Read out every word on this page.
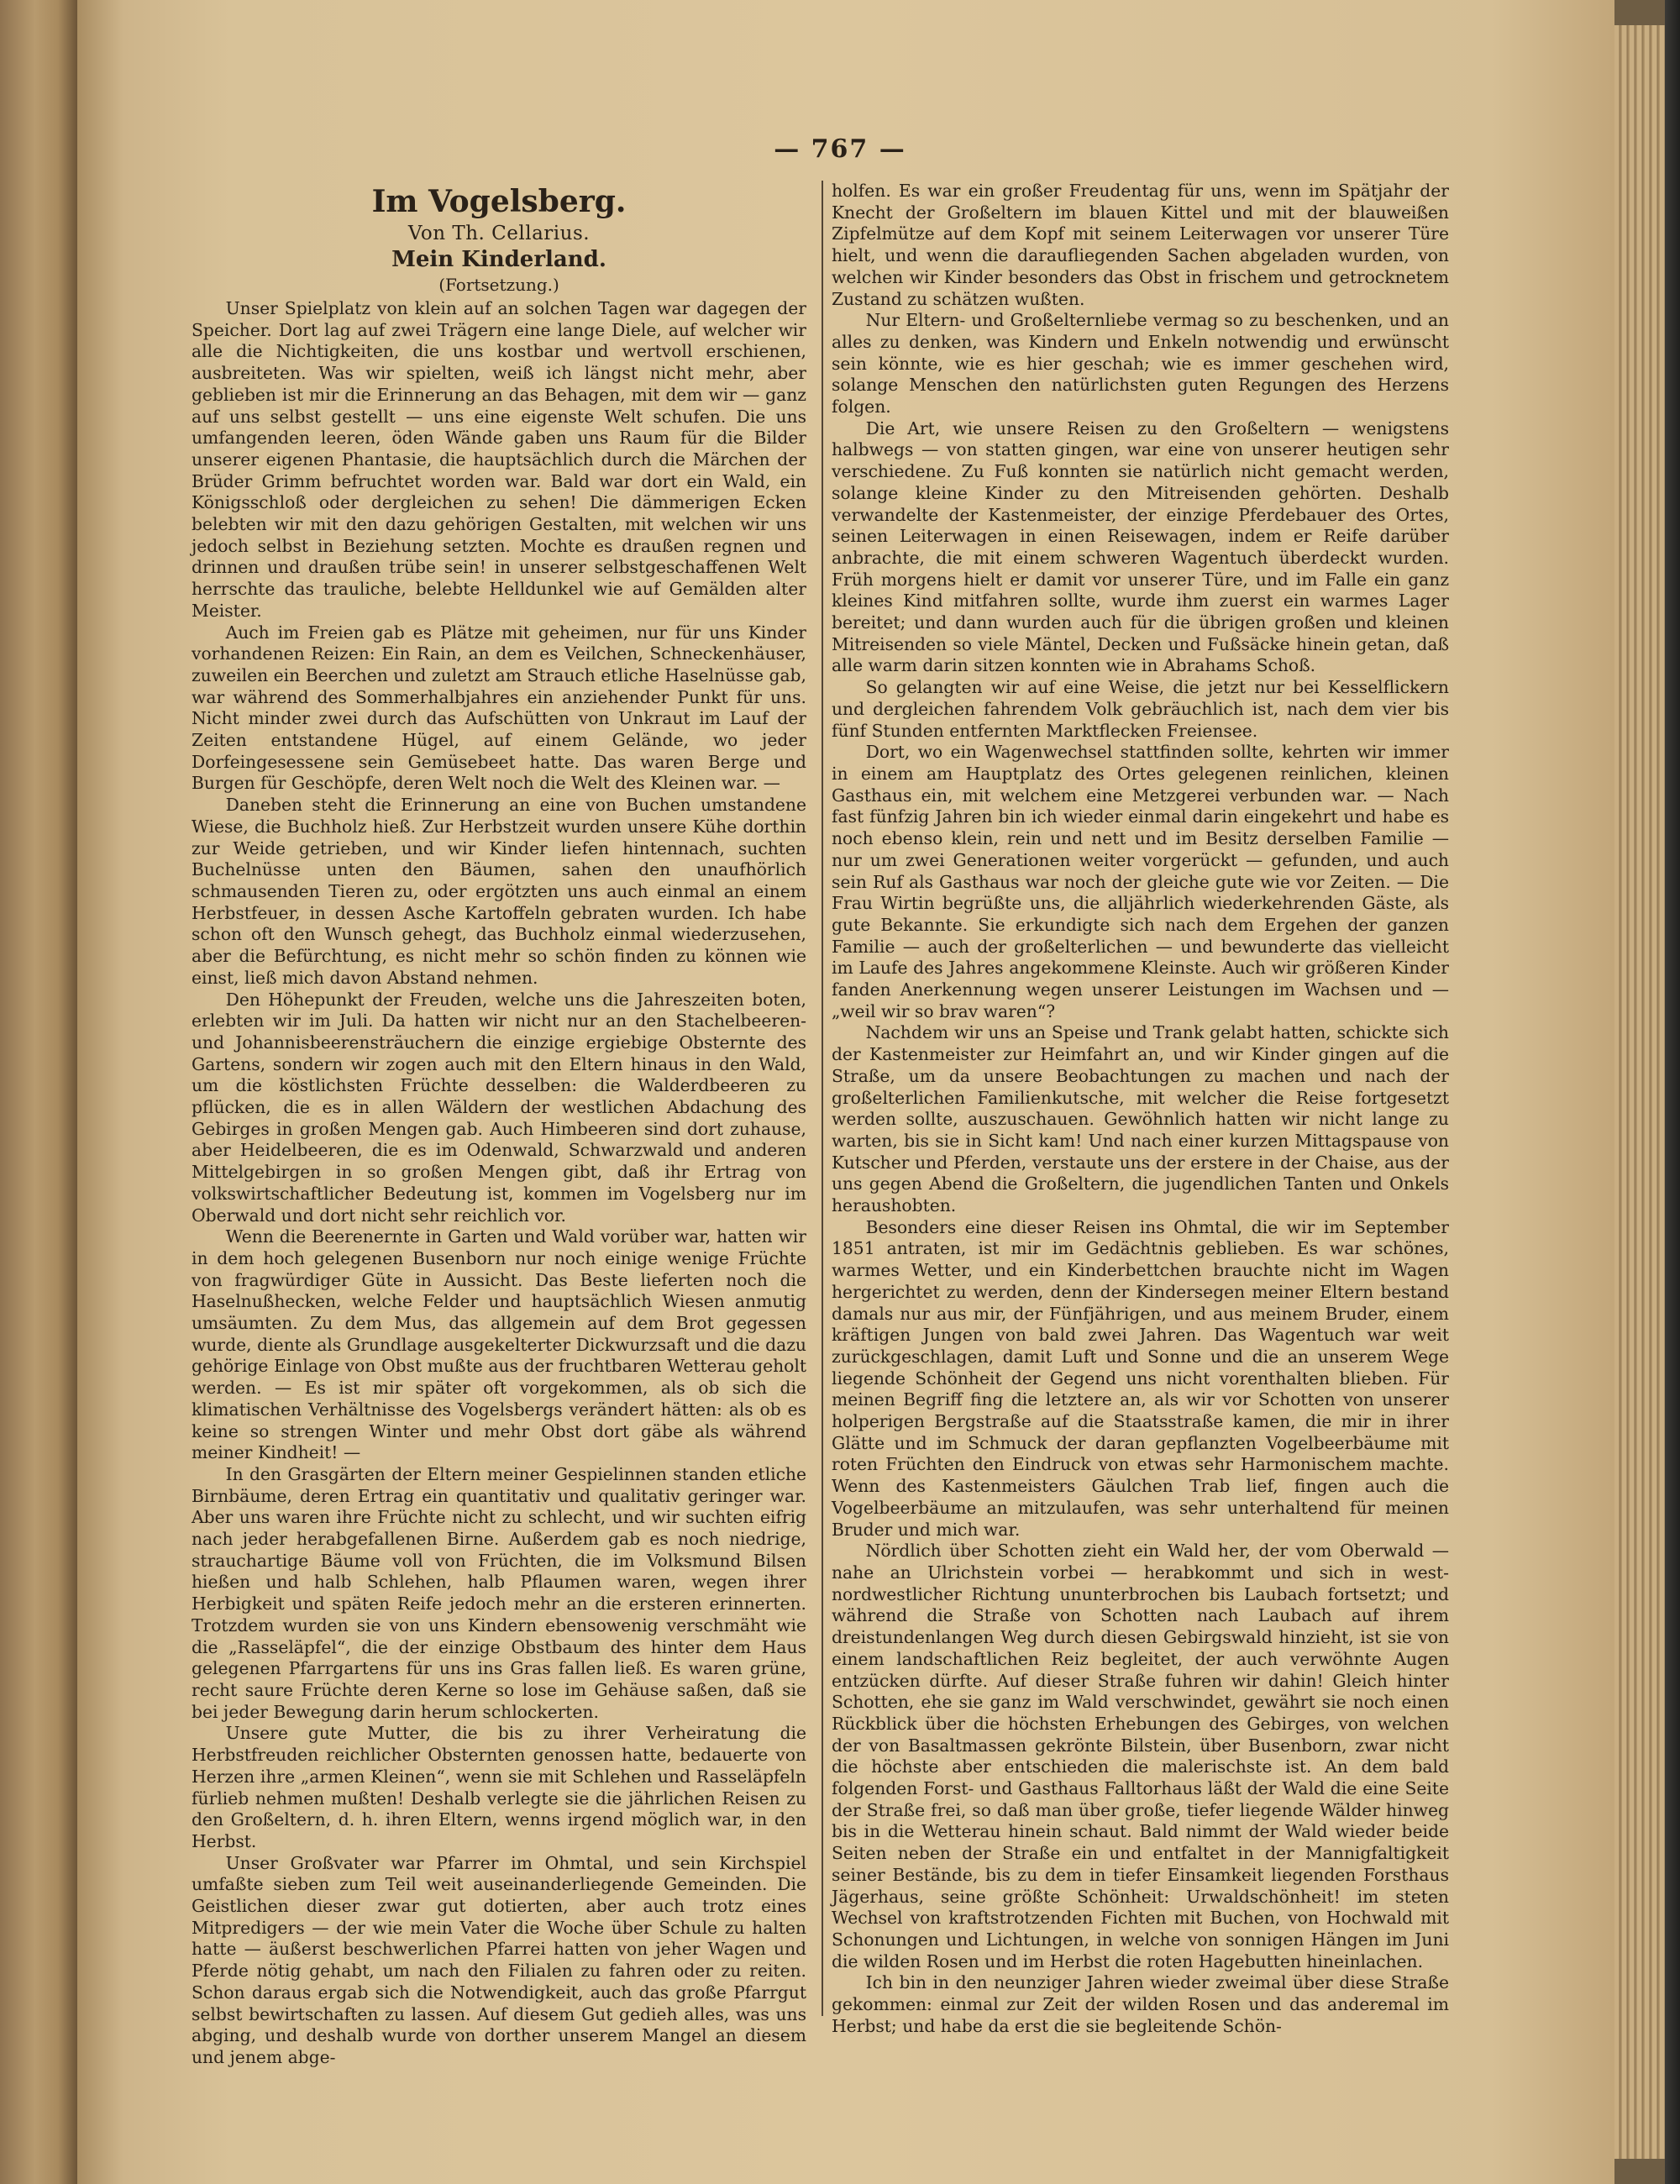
— 767 —
Im Vogelsberg.
Von Th. Cellarius.
Mein Kinderland.
(Fortsetzung.)

Unser Spielplatz von klein auf an solchen Tagen war dagegen der Speicher. Dort lag auf zwei Trägern eine lange Diele, auf welcher wir alle die Nichtigkeiten, die uns kostbar und wertvoll erschienen, ausbreiteten. Was wir spielten, weiß ich längst nicht mehr, aber geblieben ist mir die Erinnerung an das Behagen, mit dem wir — ganz auf uns selbst gestellt — uns eine eigenste Welt schufen. Die uns umfangenden leeren, öden Wände gaben uns Raum für die Bilder unserer eigenen Phantasie, die hauptsächlich durch die Märchen der Brüder Grimm befruchtet worden war. Bald war dort ein Wald, ein Königsschloß oder dergleichen zu sehen! Die dämmerigen Ecken belebten wir mit den dazu gehörigen Gestalten, mit welchen wir uns jedoch selbst in Beziehung setzten. Mochte es draußen regnen und drinnen und draußen trübe sein! in unserer selbstgeschaffenen Welt herrschte das trauliche, belebte Helldunkel wie auf Gemälden alter Meister.

Auch im Freien gab es Plätze mit geheimen, nur für uns Kinder vorhandenen Reizen: Ein Rain, an dem es Veilchen, Schneckenhäuser, zuweilen ein Beerchen und zuletzt am Strauch etliche Haselnüsse gab, war während des Sommerhalbjahres ein anziehender Punkt für uns. Nicht minder zwei durch das Aufschütten von Unkraut im Lauf der Zeiten entstandene Hügel, auf einem Gelände, wo jeder Dorfeingesessene sein Gemüsebeet hatte. Das waren Berge und Burgen für Geschöpfe, deren Welt noch die Welt des Kleinen war. —

Daneben steht die Erinnerung an eine von Buchen umstandene Wiese, die Buchholz hieß. Zur Herbstzeit wurden unsere Kühe dorthin zur Weide getrieben, und wir Kinder liefen hintennach, suchten Buchelnüsse unten den Bäumen, sahen den unaufhörlich schmausenden Tieren zu, oder ergötzten uns auch einmal an einem Herbstfeuer, in dessen Asche Kartoffeln gebraten wurden. Ich habe schon oft den Wunsch gehegt, das Buchholz einmal wiederzusehen, aber die Befürchtung, es nicht mehr so schön finden zu können wie einst, ließ mich davon Abstand nehmen.

Den Höhepunkt der Freuden, welche uns die Jahreszeiten boten, erlebten wir im Juli. Da hatten wir nicht nur an den Stachelbeeren- und Johannisbeerensträuchern die einzige ergiebige Obsternte des Gartens, sondern wir zogen auch mit den Eltern hinaus in den Wald, um die köstlichsten Früchte desselben: die Walderdbeeren zu pflücken, die es in allen Wäldern der westlichen Abdachung des Gebirges in großen Mengen gab. Auch Himbeeren sind dort zuhause, aber Heidelbeeren, die es im Odenwald, Schwarzwald und anderen Mittelgebirgen in so großen Mengen gibt, daß ihr Ertrag von volkswirtschaftlicher Bedeutung ist, kommen im Vogelsberg nur im Oberwald und dort nicht sehr reichlich vor.

Wenn die Beerenernte in Garten und Wald vorüber war, hatten wir in dem hoch gelegenen Busenborn nur noch einige wenige Früchte von fragwürdiger Güte in Aussicht. Das Beste lieferten noch die Haselnußhecken, welche Felder und hauptsächlich Wiesen anmutig umsäumten. Zu dem Mus, das allgemein auf dem Brot gegessen wurde, diente als Grundlage ausgekelterter Dickwurzsaft und die dazu gehörige Einlage von Obst mußte aus der fruchtbaren Wetterau geholt werden. — Es ist mir später oft vorgekommen, als ob sich die klimatischen Verhältnisse des Vogelsbergs verändert hätten: als ob es keine so strengen Winter und mehr Obst dort gäbe als während meiner Kindheit! —

In den Grasgärten der Eltern meiner Gespielinnen standen etliche Birnbäume, deren Ertrag ein quantitativ und qualitativ geringer war. Aber uns waren ihre Früchte nicht zu schlecht, und wir suchten eifrig nach jeder herabgefallenen Birne. Außerdem gab es noch niedrige, strauchartige Bäume voll von Früchten, die im Volksmund Bilsen hießen und halb Schlehen, halb Pflaumen waren, wegen ihrer Herbigkeit und späten Reife jedoch mehr an die ersteren erinnerten. Trotzdem wurden sie von uns Kindern ebensowenig verschmäht wie die „Rasseläpfel“, die der einzige Obstbaum des hinter dem Haus gelegenen Pfarrgartens für uns ins Gras fallen ließ. Es waren grüne, recht saure Früchte deren Kerne so lose im Gehäuse saßen, daß sie bei jeder Bewegung darin herum schlockerten.

Unsere gute Mutter, die bis zu ihrer Verheiratung die Herbstfreuden reichlicher Obsternten genossen hatte, bedauerte von Herzen ihre „armen Kleinen“, wenn sie mit Schlehen und Rasseläpfeln fürlieb nehmen mußten! Deshalb verlegte sie die jährlichen Reisen zu den Großeltern, d. h. ihren Eltern, wenns irgend möglich war, in den Herbst.

Unser Großvater war Pfarrer im Ohmtal, und sein Kirchspiel umfaßte sieben zum Teil weit auseinanderliegende Gemeinden. Die Geistlichen dieser zwar gut dotierten, aber auch trotz eines Mitpredigers — der wie mein Vater die Woche über Schule zu halten hatte — äußerst beschwerlichen Pfarrei hatten von jeher Wagen und Pferde nötig gehabt, um nach den Filialen zu fahren oder zu reiten. Schon daraus ergab sich die Notwendigkeit, auch das große Pfarrgut selbst bewirtschaften zu lassen. Auf diesem Gut gedieh alles, was uns abging, und deshalb wurde von dorther unserem Mangel an diesem und jenem abge-

holfen. Es war ein großer Freudentag für uns, wenn im Spätjahr der Knecht der Großeltern im blauen Kittel und mit der blauweißen Zipfelmütze auf dem Kopf mit seinem Leiterwagen vor unserer Türe hielt, und wenn die daraufliegenden Sachen abgeladen wurden, von welchen wir Kinder besonders das Obst in frischem und getrocknetem Zustand zu schätzen wußten.

Nur Eltern- und Großelternliebe vermag so zu beschenken, und an alles zu denken, was Kindern und Enkeln notwendig und erwünscht sein könnte, wie es hier geschah; wie es immer geschehen wird, solange Menschen den natürlichsten guten Regungen des Herzens folgen.

Die Art, wie unsere Reisen zu den Großeltern — wenigstens halbwegs — von statten gingen, war eine von unserer heutigen sehr verschiedene. Zu Fuß konnten sie natürlich nicht gemacht werden, solange kleine Kinder zu den Mitreisenden gehörten. Deshalb verwandelte der Kastenmeister, der einzige Pferdebauer des Ortes, seinen Leiterwagen in einen Reisewagen, indem er Reife darüber anbrachte, die mit einem schweren Wagentuch überdeckt wurden. Früh morgens hielt er damit vor unserer Türe, und im Falle ein ganz kleines Kind mitfahren sollte, wurde ihm zuerst ein warmes Lager bereitet; und dann wurden auch für die übrigen großen und kleinen Mitreisenden so viele Mäntel, Decken und Fußsäcke hinein getan, daß alle warm darin sitzen konnten wie in Abrahams Schoß.

So gelangten wir auf eine Weise, die jetzt nur bei Kesselflickern und dergleichen fahrendem Volk gebräuchlich ist, nach dem vier bis fünf Stunden entfernten Marktflecken Freiensee.

Dort, wo ein Wagenwechsel stattfinden sollte, kehrten wir immer in einem am Hauptplatz des Ortes gelegenen reinlichen, kleinen Gasthaus ein, mit welchem eine Metzgerei verbunden war. — Nach fast fünfzig Jahren bin ich wieder einmal darin eingekehrt und habe es noch ebenso klein, rein und nett und im Besitz derselben Familie — nur um zwei Generationen weiter vorgerückt — gefunden, und auch sein Ruf als Gasthaus war noch der gleiche gute wie vor Zeiten. — Die Frau Wirtin begrüßte uns, die alljährlich wiederkehrenden Gäste, als gute Bekannte. Sie erkundigte sich nach dem Ergehen der ganzen Familie — auch der großelterlichen — und bewunderte das vielleicht im Laufe des Jahres angekommene Kleinste. Auch wir größeren Kinder fanden Anerkennung wegen unserer Leistungen im Wachsen und — „weil wir so brav waren“?

Nachdem wir uns an Speise und Trank gelabt hatten, schickte sich der Kastenmeister zur Heimfahrt an, und wir Kinder gingen auf die Straße, um da unsere Beobachtungen zu machen und nach der großelterlichen Familienkutsche, mit welcher die Reise fortgesetzt werden sollte, auszuschauen. Gewöhnlich hatten wir nicht lange zu warten, bis sie in Sicht kam! Und nach einer kurzen Mittagspause von Kutscher und Pferden, verstaute uns der erstere in der Chaise, aus der uns gegen Abend die Großeltern, die jugendlichen Tanten und Onkels heraushobten.

Besonders eine dieser Reisen ins Ohmtal, die wir im September 1851 antraten, ist mir im Gedächtnis geblieben. Es war schönes, warmes Wetter, und ein Kinderbettchen brauchte nicht im Wagen hergerichtet zu werden, denn der Kindersegen meiner Eltern bestand damals nur aus mir, der Fünfjährigen, und aus meinem Bruder, einem kräftigen Jungen von bald zwei Jahren. Das Wagentuch war weit zurückgeschlagen, damit Luft und Sonne und die an unserem Wege liegende Schönheit der Gegend uns nicht vorenthalten blieben. Für meinen Begriff fing die letztere an, als wir vor Schotten von unserer holperigen Bergstraße auf die Staatsstraße kamen, die mir in ihrer Glätte und im Schmuck der daran gepflanzten Vogelbeerbäume mit roten Früchten den Eindruck von etwas sehr Harmonischem machte. Wenn des Kastenmeisters Gäulchen Trab lief, fingen auch die Vogelbeerbäume an mitzulaufen, was sehr unterhaltend für meinen Bruder und mich war.

Nördlich über Schotten zieht ein Wald her, der vom Oberwald — nahe an Ulrichstein vorbei — herabkommt und sich in west-nordwestlicher Richtung ununterbrochen bis Laubach fortsetzt; und während die Straße von Schotten nach Laubach auf ihrem dreistundenlangen Weg durch diesen Gebirgswald hinzieht, ist sie von einem landschaftlichen Reiz begleitet, der auch verwöhnte Augen entzücken dürfte. Auf dieser Straße fuhren wir dahin! Gleich hinter Schotten, ehe sie ganz im Wald verschwindet, gewährt sie noch einen Rückblick über die höchsten Erhebungen des Gebirges, von welchen der von Basaltmassen gekrönte Bilstein, über Busenborn, zwar nicht die höchste aber entschieden die malerischste ist. An dem bald folgenden Forst- und Gasthaus Falltorhaus läßt der Wald die eine Seite der Straße frei, so daß man über große, tiefer liegende Wälder hinweg bis in die Wetterau hinein schaut. Bald nimmt der Wald wieder beide Seiten neben der Straße ein und entfaltet in der Mannigfaltigkeit seiner Bestände, bis zu dem in tiefer Einsamkeit liegenden Forsthaus Jägerhaus, seine größte Schönheit: Urwaldschönheit! im steten Wechsel von kraftstrotzenden Fichten mit Buchen, von Hochwald mit Schonungen und Lichtungen, in welche von sonnigen Hängen im Juni die wilden Rosen und im Herbst die roten Hagebutten hineinlachen.

Ich bin in den neunziger Jahren wieder zweimal über diese Straße gekommen: einmal zur Zeit der wilden Rosen und das anderemal im Herbst; und habe da erst die sie begleitende Schön-
